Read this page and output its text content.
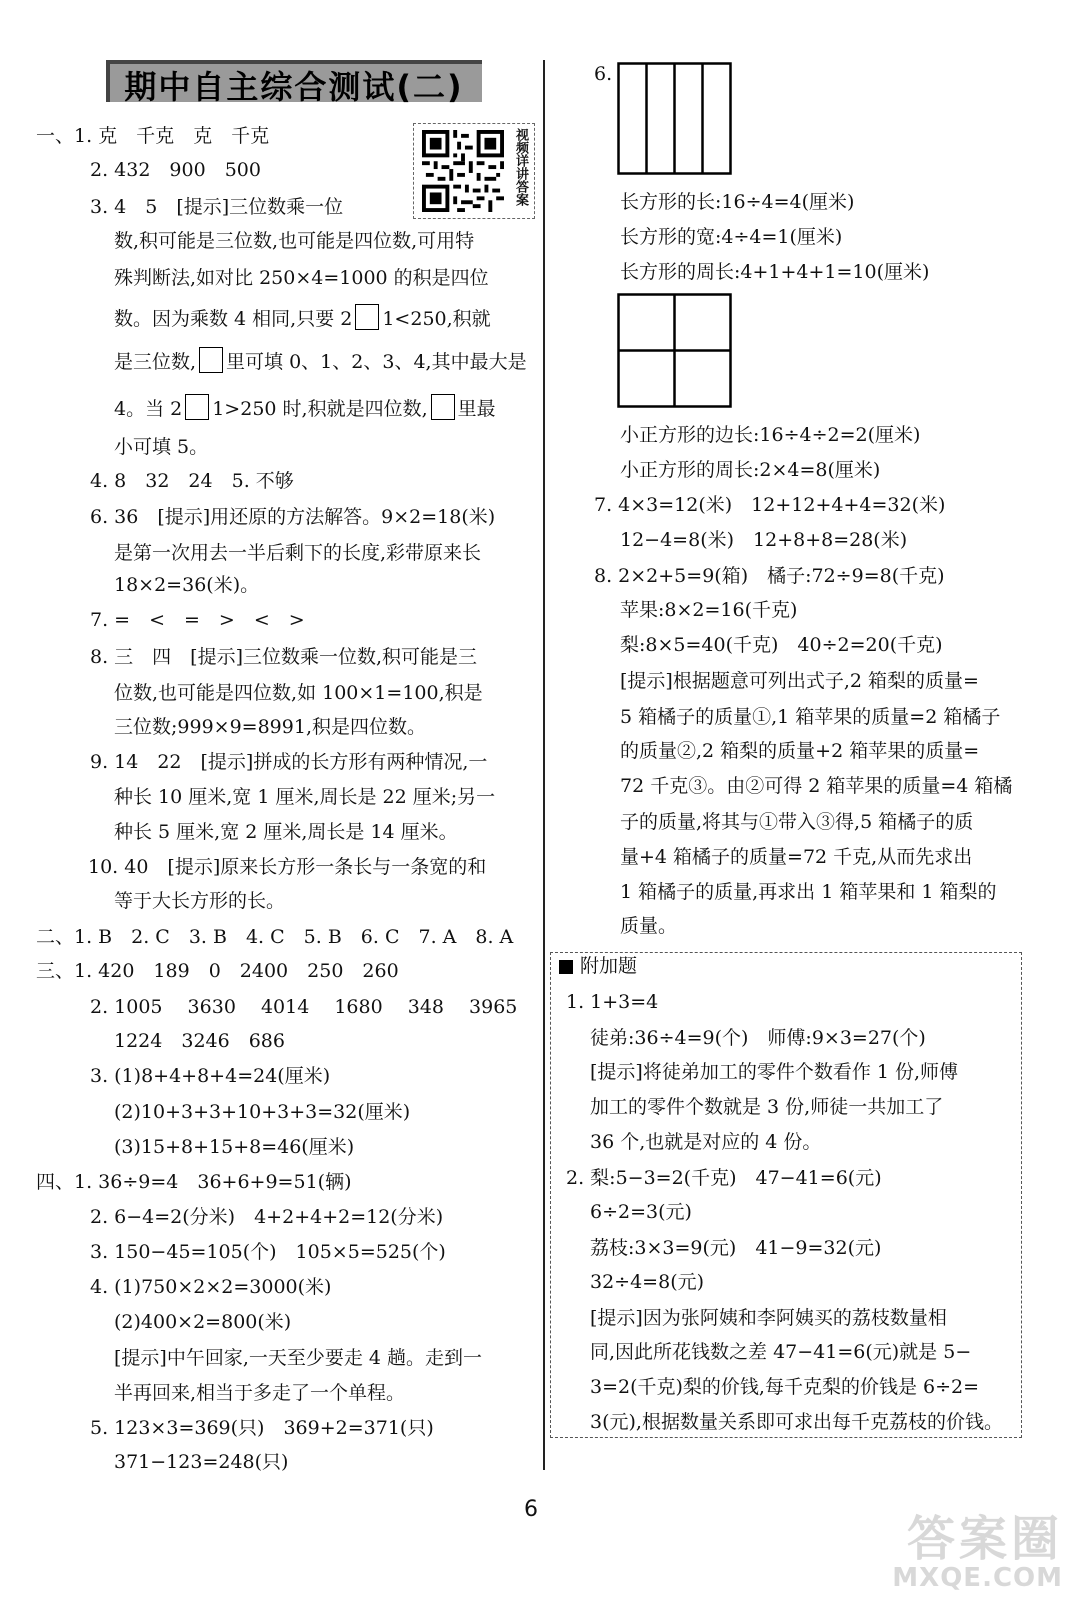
期中自主综合测试(二)
视频详讲答案
一、1. 克　千克　克　千克
2. 432　900　500
3. 4　5　[提示]三位数乘一位
数,积可能是三位数,也可能是四位数,可用特
殊判断法,如对比 250×4=1000 的积是四位
数。因为乘数 4 相同,只要 2 1<250,积就
是三位数, 里可填 0、1、2、3、4,其中最大是
4。当 2 1>250 时,积就是四位数, 里最
小可填 5。
4. 8　32　24　5. 不够
6. 36　[提示]用还原的方法解答。9×2=18(米)
是第一次用去一半后剩下的长度,彩带原来长
18×2=36(米)。
7. =　<　=　>　<　>
8. 三　四　[提示]三位数乘一位数,积可能是三
位数,也可能是四位数,如 100×1=100,积是
三位数;999×9=8991,积是四位数。
9. 14　22　[提示]拼成的长方形有两种情况,一
种长 10 厘米,宽 1 厘米,周长是 22 厘米;另一
种长 5 厘米,宽 2 厘米,周长是 14 厘米。
10. 40　[提示]原来长方形一条长与一条宽的和
等于大长方形的长。
二、1. B　2. C　3. B　4. C　5. B　6. C　7. A　8. A
三、1. 420　189　0　2400　250　260
2. 1005　 3630　 4014　 1680　 348　 3965
1224　3246　686
3. (1)8+4+8+4=24(厘米)
(2)10+3+3+10+3+3=32(厘米)
(3)15+8+15+8=46(厘米)
四、1. 36÷9=4　36+6+9=51(辆)
2. 6−4=2(分米)　4+2+4+2=12(分米)
3. 150−45=105(个)　105×5=525(个)
4. (1)750×2×2=3000(米)
(2)400×2=800(米)
[提示]中午回家,一天至少要走 4 趟。走到一
半再回来,相当于多走了一个单程。
5. 123×3=369(只)　369+2=371(只)
371−123=248(只)
6.
长方形的长:16÷4=4(厘米)
长方形的宽:4÷4=1(厘米)
长方形的周长:4+1+4+1=10(厘米)
小正方形的边长:16÷4÷2=2(厘米)
小正方形的周长:2×4=8(厘米)
7. 4×3=12(米)　12+12+4+4=32(米)
12−4=8(米)　12+8+8=28(米)
8. 2×2+5=9(箱)　橘子:72÷9=8(千克)
苹果:8×2=16(千克)
梨:8×5=40(千克)　40÷2=20(千克)
[提示]根据题意可列出式子,2 箱梨的质量=
5 箱橘子的质量①,1 箱苹果的质量=2 箱橘子
的质量②,2 箱梨的质量+2 箱苹果的质量=
72 千克③。由②可得 2 箱苹果的质量=4 箱橘
子的质量,将其与①带入③得,5 箱橘子的质
量+4 箱橘子的质量=72 千克,从而先求出
1 箱橘子的质量,再求出 1 箱苹果和 1 箱梨的
质量。
附加题
1. 1+3=4
徒弟:36÷4=9(个)　师傅:9×3=27(个)
[提示]将徒弟加工的零件个数看作 1 份,师傅
加工的零件个数就是 3 份,师徒一共加工了
36 个,也就是对应的 4 份。
2. 梨:5−3=2(千克)　47−41=6(元)
6÷2=3(元)
荔枝:3×3=9(元)　41−9=32(元)
32÷4=8(元)
[提示]因为张阿姨和李阿姨买的荔枝数量相
同,因此所花钱数之差 47−41=6(元)就是 5−
3=2(千克)梨的价钱,每千克梨的价钱是 6÷2=
3(元),根据数量关系即可求出每千克荔枝的价钱。
6
答案圈
MXQE.COM
